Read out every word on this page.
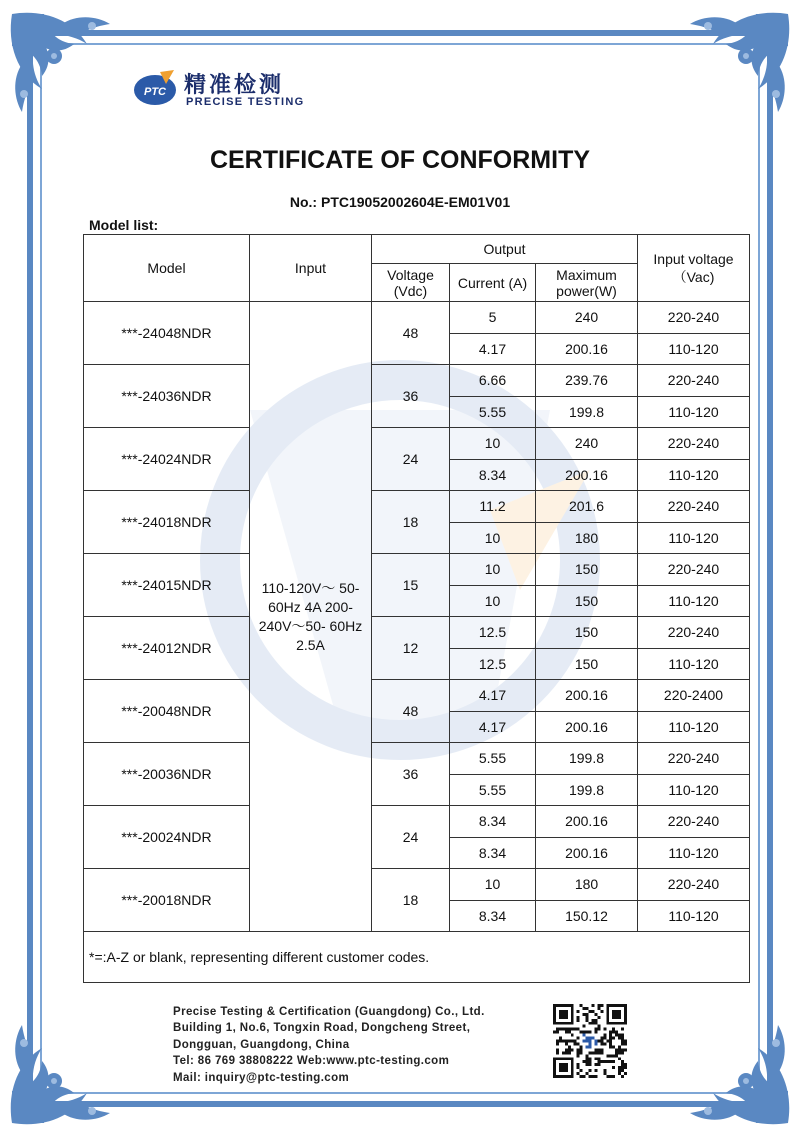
PTC 精准检测
PRECISE TESTING
CERTIFICATE OF CONFORMITY
No.: PTC19052002604E-EM01V01
Model list:
Model	Input	Output			Input voltage （Vac)
		Voltage (Vdc)	Current (A)	Maximum power(W)	
***-24048NDR	110-120V～ 50-60Hz 4A 200-240V～50- 60Hz 2.5A	48	5	240	220-240
			4.17	200.16	110-120
***-24036NDR		36	6.66	239.76	220-240
			5.55	199.8	110-120
***-24024NDR		24	10	240	220-240
			8.34	200.16	110-120
***-24018NDR		18	11.2	201.6	220-240
			10	180	110-120
***-24015NDR		15	10	150	220-240
			10	150	110-120
***-24012NDR		12	12.5	150	220-240
			12.5	150	110-120
***-20048NDR		48	4.17	200.16	220-2400
			4.17	200.16	110-120
***-20036NDR		36	5.55	199.8	220-240
			5.55	199.8	110-120
***-20024NDR		24	8.34	200.16	220-240
			8.34	200.16	110-120
***-20018NDR		18	10	180	220-240
			8.34	150.12	110-120
*=:A-Z or blank, representing different customer codes.					
Precise Testing & Certification (Guangdong) Co., Ltd.
Building 1, No.6, Tongxin Road, Dongcheng Street,
Dongguan, Guangdong, China
Tel: 86 769 38808222 Web:www.ptc-testing.com
Mail: inquiry@ptc-testing.com
